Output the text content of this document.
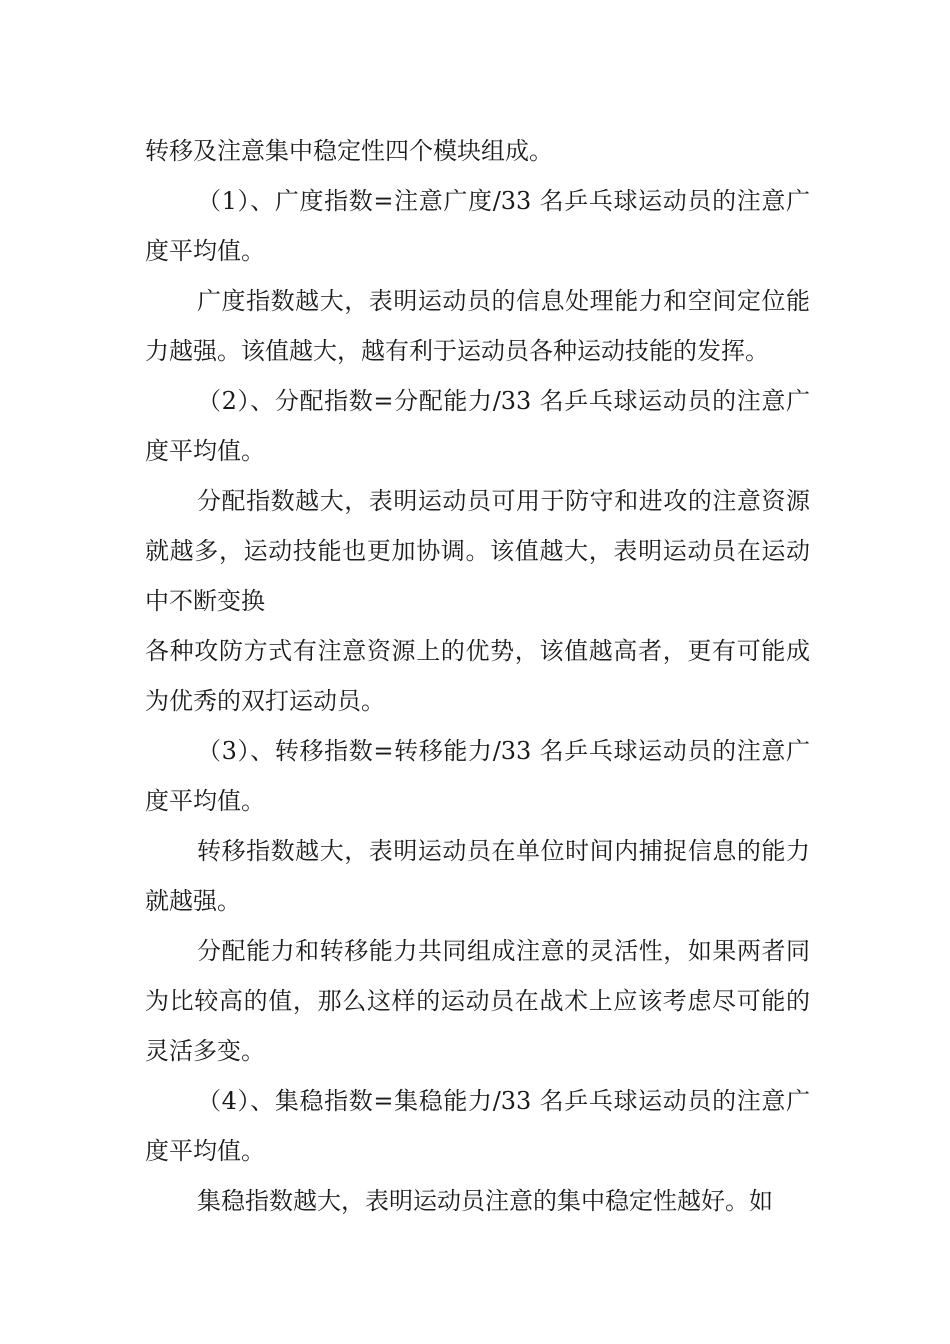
转移及注意集中稳定性四个模块组成。

（1）、广度指数=注意广度/33 名乒乓球运动员的注意广度平均值。

广度指数越大，表明运动员的信息处理能力和空间定位能力越强。该值越大，越有利于运动员各种运动技能的发挥。

（2）、分配指数=分配能力/33 名乒乓球运动员的注意广度平均值。

分配指数越大，表明运动员可用于防守和进攻的注意资源就越多，运动技能也更加协调。该值越大，表明运动员在运动中不断变换

各种攻防方式有注意资源上的优势，该值越高者，更有可能成为优秀的双打运动员。

（3）、转移指数=转移能力/33 名乒乓球运动员的注意广度平均值。

转移指数越大，表明运动员在单位时间内捕捉信息的能力就越强。

分配能力和转移能力共同组成注意的灵活性，如果两者同为比较高的值，那么这样的运动员在战术上应该考虑尽可能的灵活多变。

（4）、集稳指数=集稳能力/33 名乒乓球运动员的注意广度平均值。

集稳指数越大，表明运动员注意的集中稳定性越好。如
